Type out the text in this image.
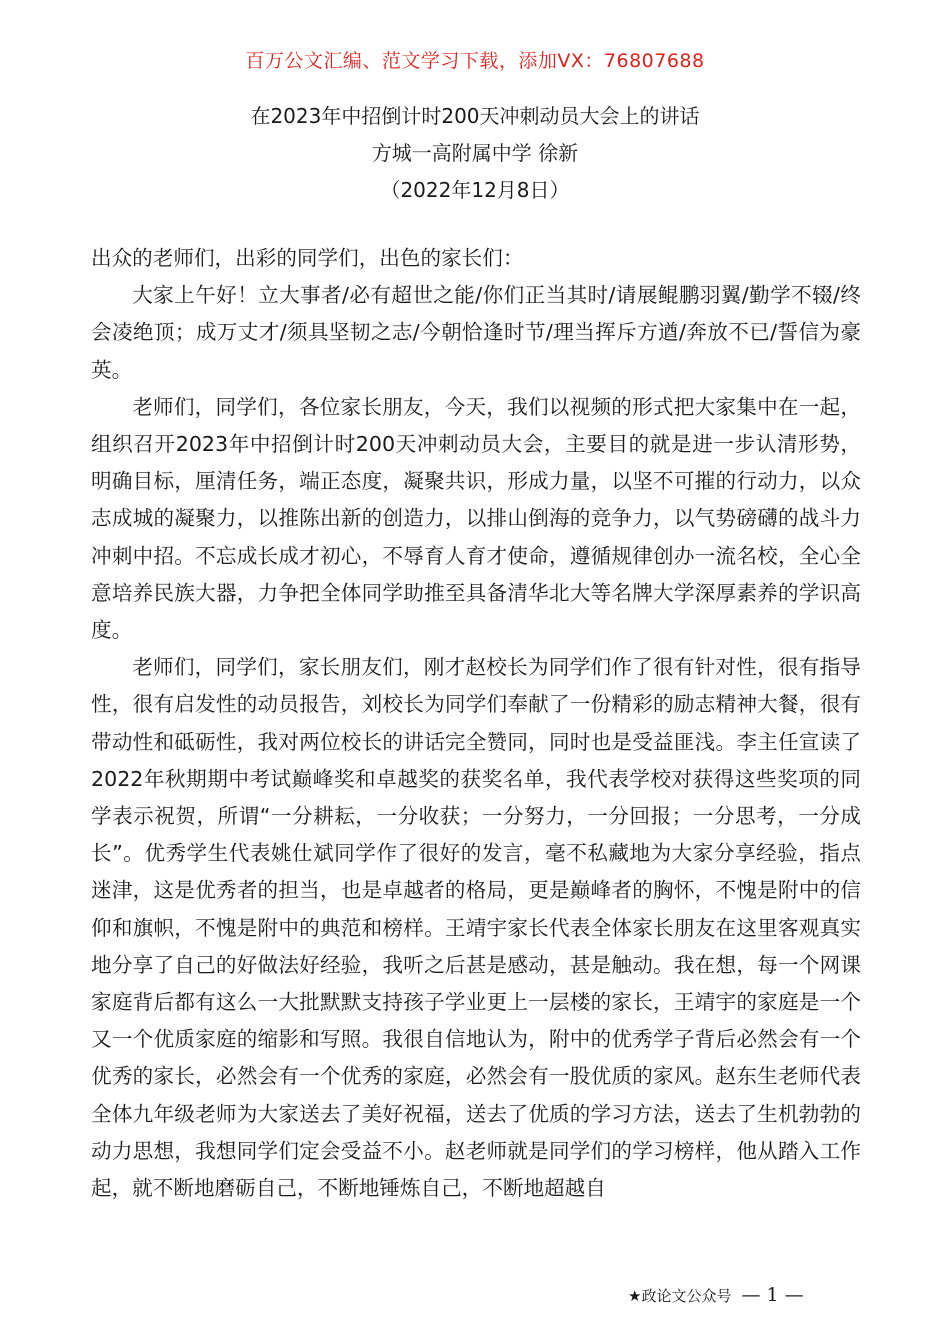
百万公文汇编、范文学习下载，添加VX：76807688
在2023年中招倒计时200天冲刺动员大会上的讲话
方城一高附属中学 徐新
（2022年12月8日）

出众的老师们，出彩的同学们，出色的家长们：

大家上午好！立大事者/必有超世之能/你们正当其时/请展鲲鹏羽翼/勤学不辍/终会凌绝顶；成万丈才/须具坚韧之志/今朝恰逢时节/理当挥斥方遒/奔放不已/誓信为豪英。

老师们，同学们，各位家长朋友，今天，我们以视频的形式把大家集中在一起，组织召开2023年中招倒计时200天冲刺动员大会，主要目的就是进一步认清形势，明确目标，厘清任务，端正态度，凝聚共识，形成力量，以坚不可摧的行动力，以众志成城的凝聚力，以推陈出新的创造力，以排山倒海的竞争力，以气势磅礴的战斗力冲刺中招。不忘成长成才初心，不辱育人育才使命，遵循规律创办一流名校，全心全意培养民族大器，力争把全体同学助推至具备清华北大等名牌大学深厚素养的学识高度。

老师们，同学们，家长朋友们，刚才赵校长为同学们作了很有针对性，很有指导性，很有启发性的动员报告，刘校长为同学们奉献了一份精彩的励志精神大餐，很有带动性和砥砺性，我对两位校长的讲话完全赞同，同时也是受益匪浅。李主任宣读了2022年秋期期中考试巅峰奖和卓越奖的获奖名单，我代表学校对获得这些奖项的同学表示祝贺，所谓“一分耕耘，一分收获；一分努力，一分回报；一分思考，一分成长”。优秀学生代表姚仕斌同学作了很好的发言，毫不私藏地为大家分享经验，指点迷津，这是优秀者的担当，也是卓越者的格局，更是巅峰者的胸怀，不愧是附中的信仰和旗帜，不愧是附中的典范和榜样。王靖宇家长代表全体家长朋友在这里客观真实地分享了自己的好做法好经验，我听之后甚是感动，甚是触动。我在想，每一个网课家庭背后都有这么一大批默默支持孩子学业更上一层楼的家长，王靖宇的家庭是一个又一个优质家庭的缩影和写照。我很自信地认为，附中的优秀学子背后必然会有一个优秀的家长，必然会有一个优秀的家庭，必然会有一股优质的家风。赵东生老师代表全体九年级老师为大家送去了美好祝福，送去了优质的学习方法，送去了生机勃勃的动力思想，我想同学们定会受益不小。赵老师就是同学们的学习榜样，他从踏入工作起，就不断地磨砺自己，不断地锤炼自己，不断地超越自

★政论文公众号 — 1 —
